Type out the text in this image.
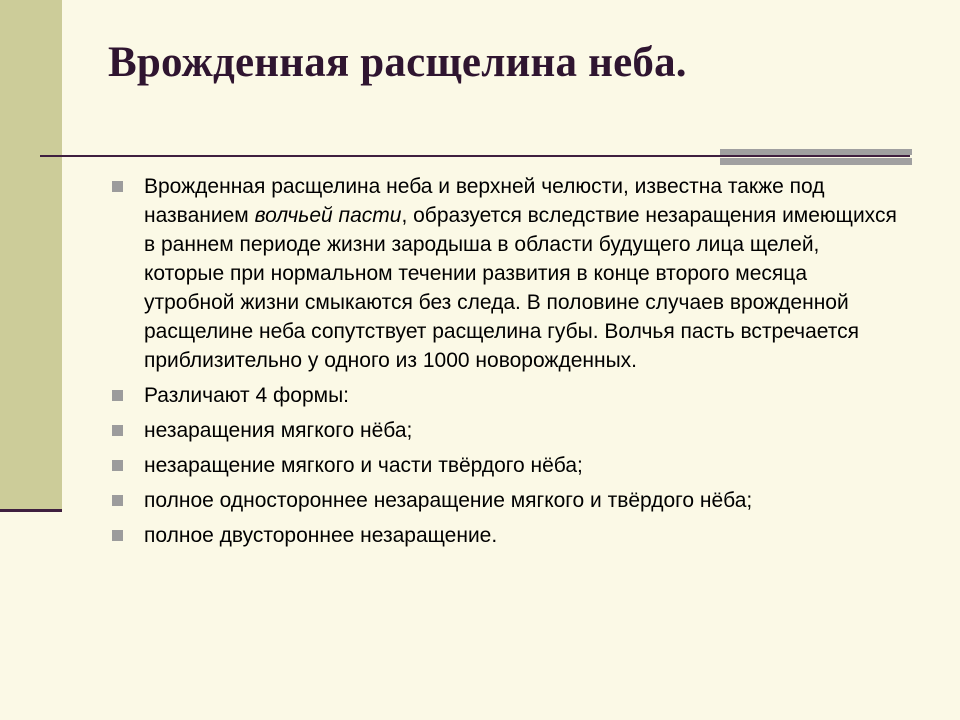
Врожденная расщелина неба.
Врожденная расщелина неба и верхней челюсти, известна также под названием волчьей пасти, образуется вследствие незаращения имеющихся в раннем периоде жизни зародыша в области будущего лица щелей, которые при нормальном течении развития в конце второго месяца утробной жизни смыкаются без следа. В половине случаев врожденной расщелине неба сопутствует расщелина губы. Волчья пасть встречается приблизительно у одного из 1000 новорожденных.
Различают 4 формы:
незаращения мягкого нёба;
незаращение мягкого и части твёрдого нёба;
полное одностороннее незаращение мягкого и твёрдого нёба;
полное двустороннее незаращение.
